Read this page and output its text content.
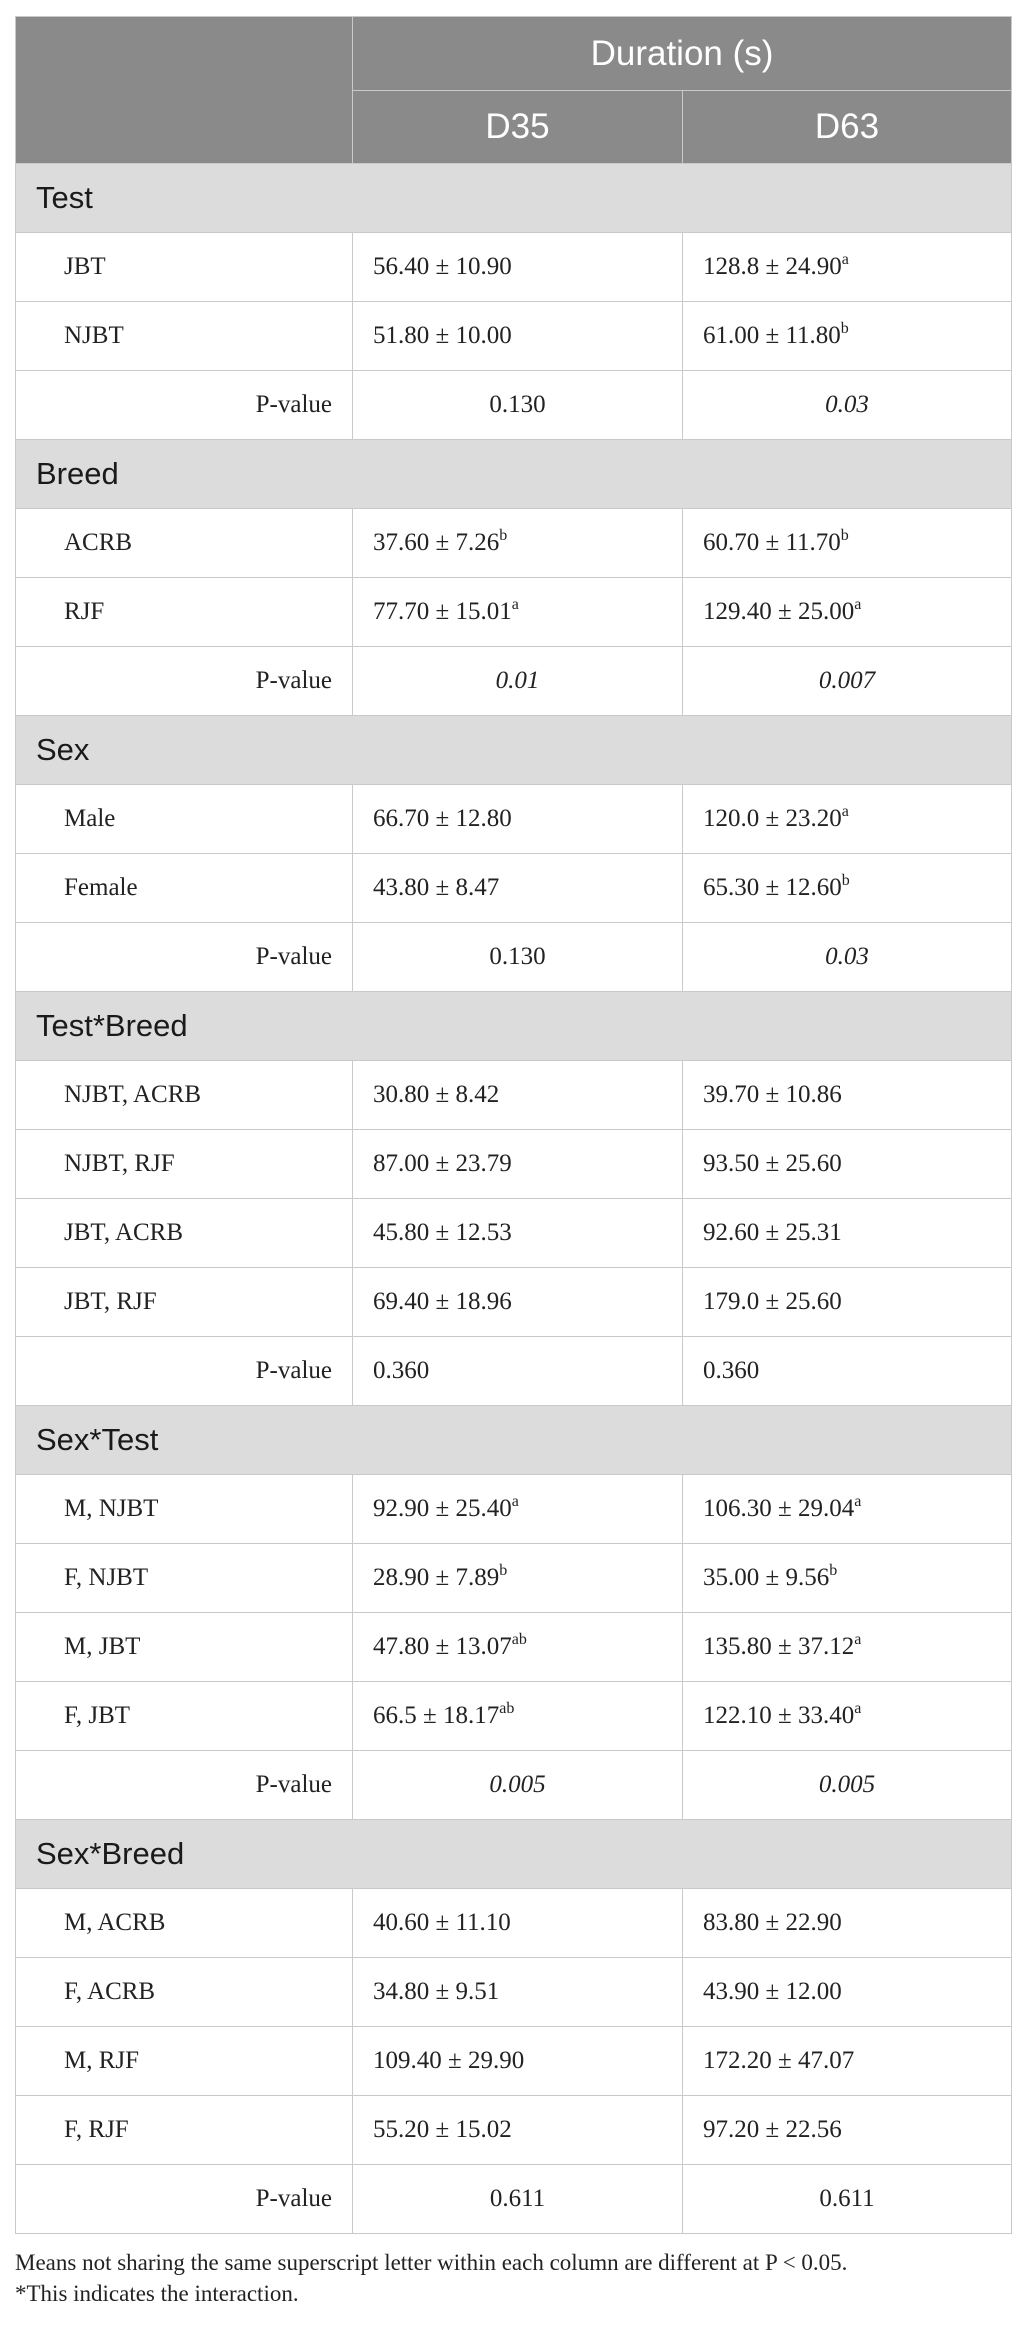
	Duration (s)	
	D35	D63
Test		
JBT	56.40 ± 10.90	128.8 ± 24.90$^a$
NJBT	51.80 ± 10.00	61.00 ± 11.80$^b$
P-value	0.130	0.03
Breed		
ACRB	37.60 ± 7.26$^b$	60.70 ± 11.70$^b$
RJF	77.70 ± 15.01$^a$	129.40 ± 25.00$^a$
P-value	0.01	0.007
Sex		
Male	66.70 ± 12.80	120.0 ± 23.20$^a$
Female	43.80 ± 8.47	65.30 ± 12.60$^b$
P-value	0.130	0.03
Test*Breed		
NJBT, ACRB	30.80 ± 8.42	39.70 ± 10.86
NJBT, RJF	87.00 ± 23.79	93.50 ± 25.60
JBT, ACRB	45.80 ± 12.53	92.60 ± 25.31
JBT, RJF	69.40 ± 18.96	179.0 ± 25.60
P-value	0.360	0.360
Sex*Test		
M, NJBT	92.90 ± 25.40$^a$	106.30 ± 29.04$^a$
F, NJBT	28.90 ± 7.89$^b$	35.00 ± 9.56$^b$
M, JBT	47.80 ± 13.07$^{ab}$	135.80 ± 37.12$^a$
F, JBT	66.5 ± 18.17$^{ab}$	122.10 ± 33.40$^a$
P-value	0.005	0.005
Sex*Breed		
M, ACRB	40.60 ± 11.10	83.80 ± 22.90
F, ACRB	34.80 ± 9.51	43.90 ± 12.00
M, RJF	109.40 ± 29.90	172.20 ± 47.07
F, RJF	55.20 ± 15.02	97.20 ± 22.56
P-value	0.611	0.611
Means not sharing the same superscript letter within each column are different at P < 0.05.
*This indicates the interaction.
